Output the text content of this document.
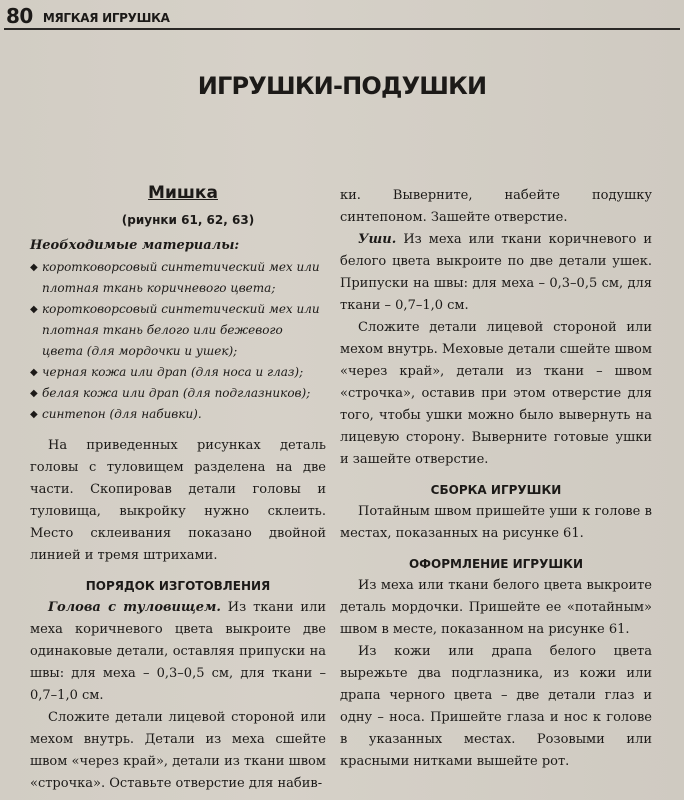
80 МЯГКАЯ ИГРУШКА
ИГРУШКИ-ПОДУШКИ
Мишка
(риунки 61, 62, 63)
Необходимые материалы:
◆ коротковорсовый синтетический мех или плотная ткань коричневого цвета;
◆ коротковорсовый синтетический мех или плотная ткань белого или бежевого цвета (для мордочки и ушек);
◆ черная кожа или драп (для носа и глаз);
◆ белая кожа или драп (для подглазников);
◆ синтепон (для набивки).

На приведенных рисунках деталь головы с туловищем разделена на две части. Скопировав детали головы и туловища, выкройку нужно склеить. Место склеивания показано двойной линией и тремя штрихами.

ПОРЯДОК ИЗГОТОВЛЕНИЯ

Голова с туловищем. Из ткани или меха коричневого цвета выкроите две одинаковые детали, оставляя припуски на швы: для меха – 0,3–0,5 см, для ткани – 0,7–1,0 см.

Сложите детали лицевой стороной или мехом внутрь. Детали из меха сшейте швом «через край», детали из ткани швом «строчка». Оставьте отверстие для набив-

ки. Выверните, набейте подушку синтепоном. Зашейте отверстие.

Уши. Из меха или ткани коричневого и белого цвета выкроите по две детали ушек. Припуски на швы: для меха – 0,3–0,5 см, для ткани – 0,7–1,0 см.

Сложите детали лицевой стороной или мехом внутрь. Меховые детали сшейте швом «через край», детали из ткани – швом «строчка», оставив при этом отверстие для того, чтобы ушки можно было вывернуть на лицевую сторону. Выверните готовые ушки и зашейте отверстие.

СБОРКА ИГРУШКИ

Потайным швом пришейте уши к голове в местах, показанных на рисунке 61.

ОФОРМЛЕНИЕ ИГРУШКИ

Из меха или ткани белого цвета выкроите деталь мордочки. Пришейте ее «потайным» швом в месте, показанном на рисунке 61.

Из кожи или драпа белого цвета вырежьте два подглазника, из кожи или драпа черного цвета – две детали глаз и одну – носа. Пришейте глаза и нос к голове в указанных местах. Розовыми или красными нитками вышейте рот.
